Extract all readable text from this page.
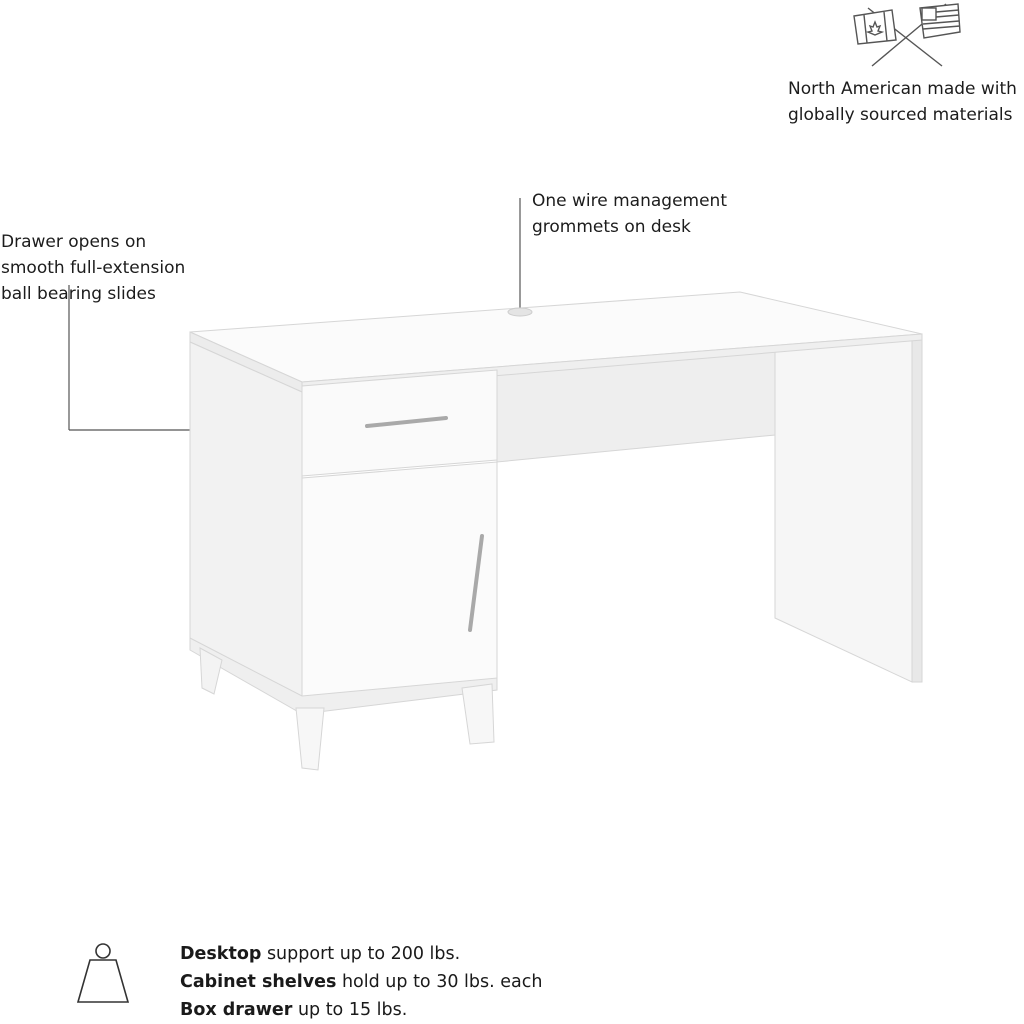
North American made with
globally sourced materials
One wire management
grommets on desk
Drawer opens on
smooth full-extension
ball bearing slides
Desktop support up to 200 lbs.
Cabinet shelves hold up to 30 lbs. each
Box drawer up to 15 lbs.
